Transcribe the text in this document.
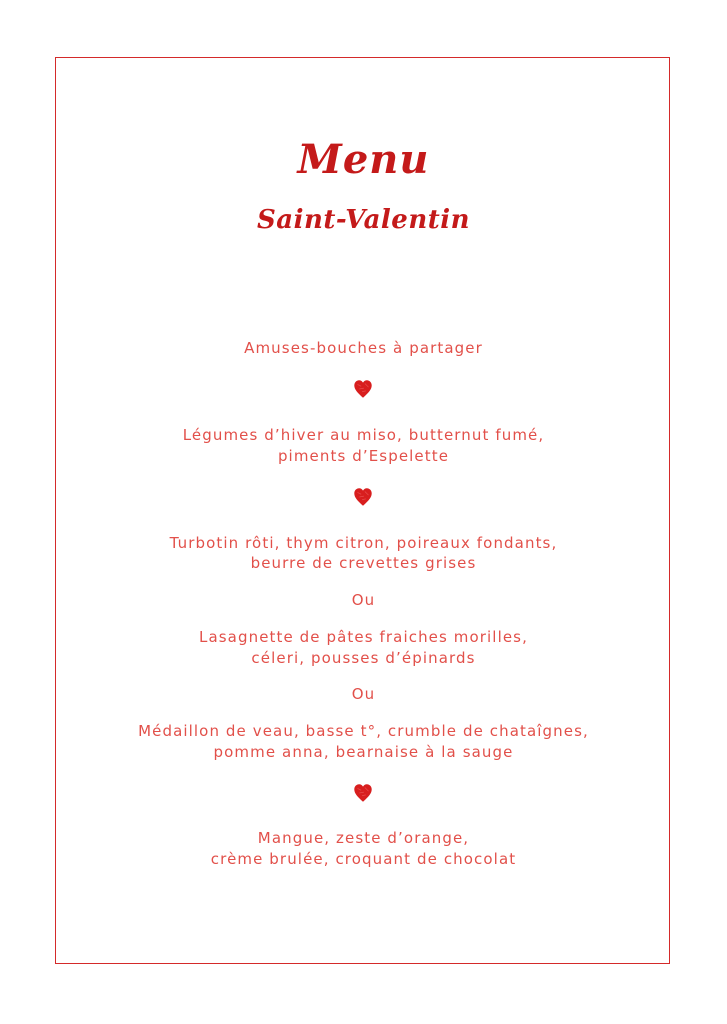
Menu
Saint-Valentin
Amuses-bouches à partager
Légumes d’hiver au miso, butternut fumé,
piments d’Espelette
Turbotin rôti, thym citron, poireaux fondants,
beurre de crevettes grises
Ou
Lasagnette de pâtes fraiches morilles,
céleri, pousses d’épinards
Ou
Médaillon de veau, basse t°, crumble de chataîgnes,
pomme anna, bearnaise à la sauge
Mangue, zeste d’orange,
crème brulée, croquant de chocolat
